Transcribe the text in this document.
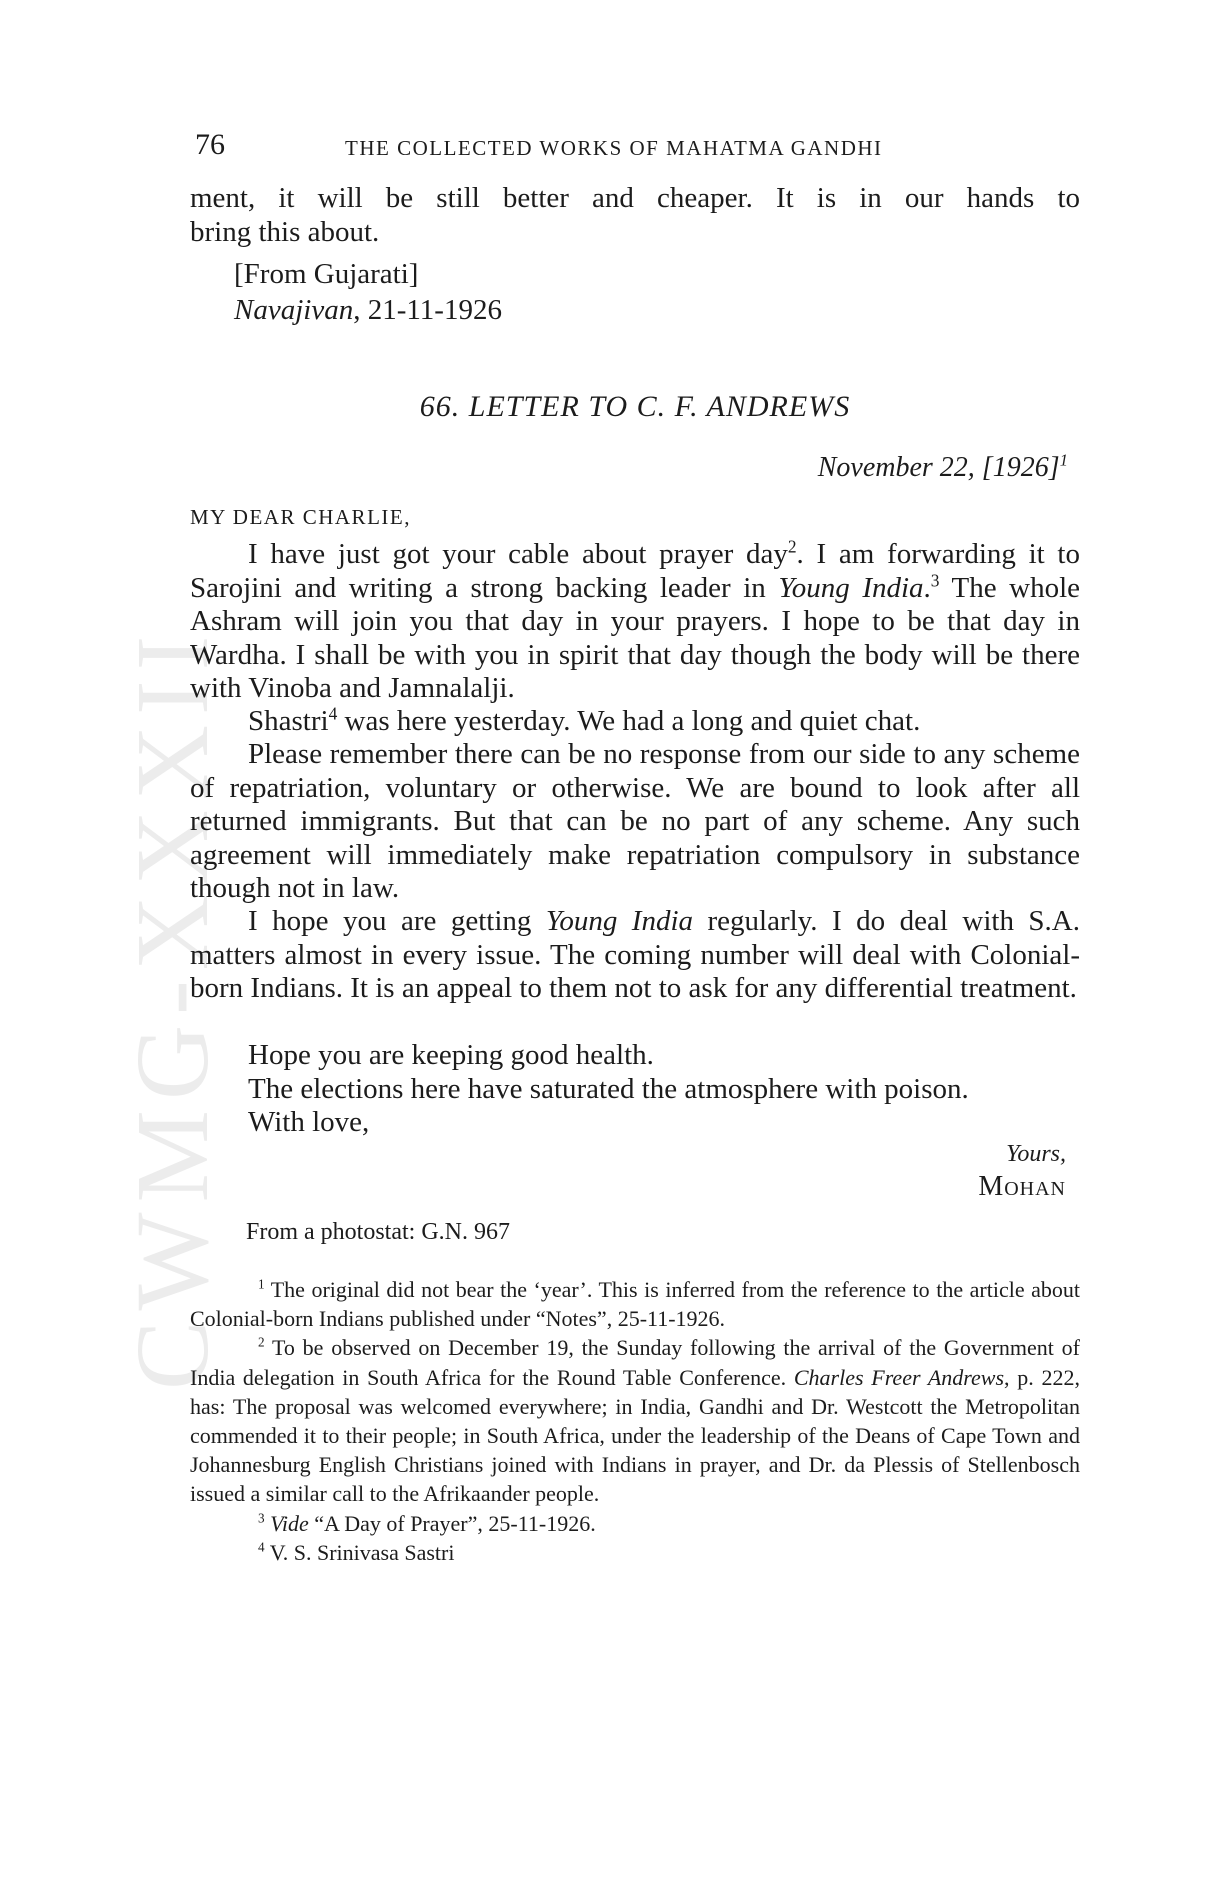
CWMG-XXXII
76	THE COLLECTED WORKS OF MAHATMA GANDHI
ment, it will be still better and cheaper. It is in our hands to
bring this about.
[From Gujarati]
Navajivan, 21-11-1926
66. LETTER TO C. F. ANDREWS
November 22, $[1926]^1$
MY DEAR CHARLIE,

I have just got your cable about prayer day$^2$. I am forwarding it to Sarojini and writing a strong backing leader in Young India.$^3$ The whole Ashram will join you that day in your prayers. I hope to be that day in Wardha. I shall be with you in spirit that day though the body will be there with Vinoba and Jamnalalji.

Shastri$^4$ was here yesterday. We had a long and quiet chat.

Please remember there can be no response from our side to any scheme of repatriation, voluntary or otherwise. We are bound to look after all returned immigrants. But that can be no part of any scheme. Any such agreement will immediately make repatriation compulsory in substance though not in law.

I hope you are getting Young India regularly. I do deal with S.A. matters almost in every issue. The coming number will deal with Colonial-born Indians. It is an appeal to them not to ask for any differential treatment.

Hope you are keeping good health.

The elections here have saturated the atmosphere with poison.

With love,

Yours,
Mohan
From a photostat: G.N. 967

$^1$ The original did not bear the ‘year’. This is inferred from the reference to the article about Colonial-born Indians published under “Notes”, 25-11-1926.

$^2$ To be observed on December 19, the Sunday following the arrival of the Government of India delegation in South Africa for the Round Table Conference. Charles Freer Andrews, p. 222, has: The proposal was welcomed everywhere; in India, Gandhi and Dr. Westcott the Metropolitan commended it to their people; in South Africa, under the leadership of the Deans of Cape Town and Johannesburg English Christians joined with Indians in prayer, and Dr. da Plessis of Stellenbosch issued a similar call to the Afrikaander people.

$^3$ Vide “A Day of Prayer”, 25-11-1926.

$^4$ V. S. Srinivasa Sastri
